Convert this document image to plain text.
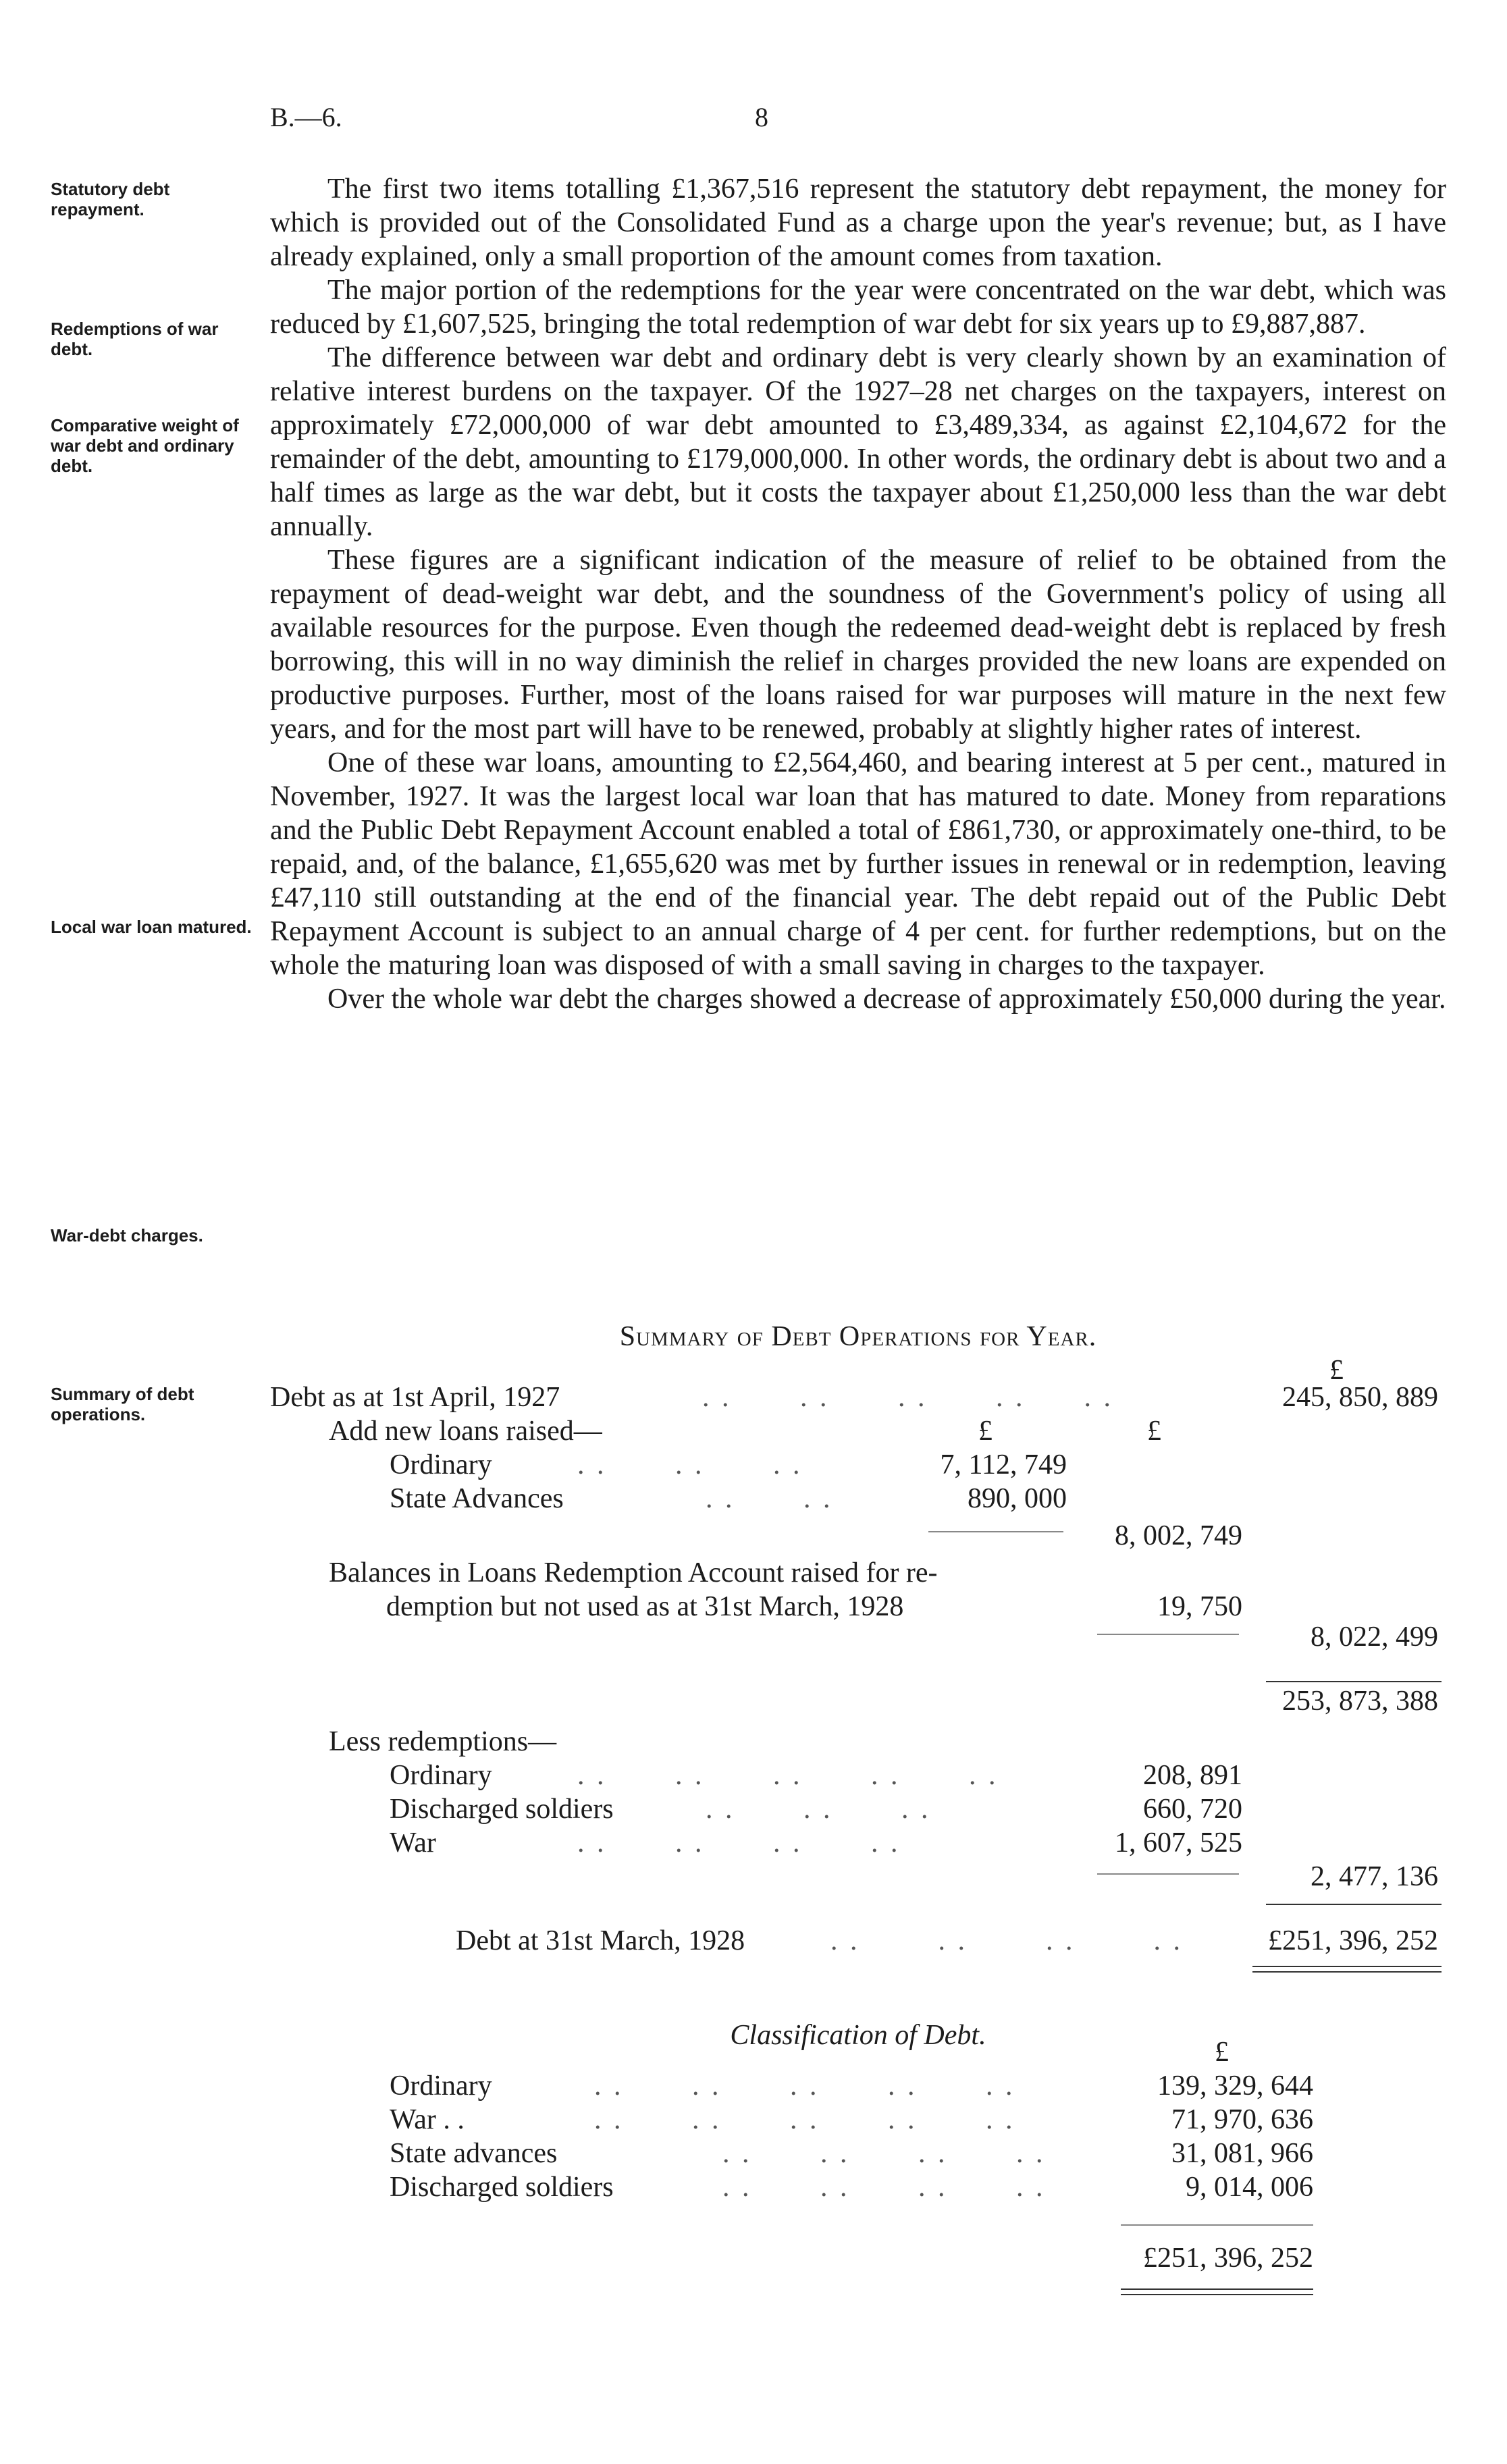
B.—6.	8
Statutory debt repayment.
Redemptions of war debt.
Comparative weight of war debt and ordinary debt.
Local war loan matured.
War-debt charges.
Summary of debt operations.

The first two items totalling £1,367,516 represent the statutory debt repayment, the money for which is provided out of the Consolidated Fund as a charge upon the year's revenue; but, as I have already explained, only a small proportion of the amount comes from taxation.

The major portion of the redemptions for the year were concentrated on the war debt, which was reduced by £1,607,525, bringing the total redemption of war debt for six years up to £9,887,887.

The difference between war debt and ordinary debt is very clearly shown by an examination of relative interest burdens on the taxpayer. Of the 1927–28 net charges on the taxpayers, interest on approximately £72,000,000 of war debt amounted to £3,489,334, as against £2,104,672 for the remainder of the debt, amounting to £179,000,000. In other words, the ordinary debt is about two and a half times as large as the war debt, but it costs the taxpayer about £1,250,000 less than the war debt annually.

These figures are a significant indication of the measure of relief to be obtained from the repayment of dead-weight war debt, and the soundness of the Government's policy of using all available resources for the purpose. Even though the redeemed dead-weight debt is replaced by fresh borrowing, this will in no way diminish the relief in charges provided the new loans are expended on productive purposes. Further, most of the loans raised for war purposes will mature in the next few years, and for the most part will have to be renewed, probably at slightly higher rates of interest.

One of these war loans, amounting to £2,564,460, and bearing interest at 5 per cent., matured in November, 1927. It was the largest local war loan that has matured to date. Money from reparations and the Public Debt Repayment Account enabled a total of £861,730, or approximately one-third, to be repaid, and, of the balance, £1,655,620 was met by further issues in renewal or in redemption, leaving £47,110 still outstanding at the end of the financial year. The debt repaid out of the Public Debt Repayment Account is subject to an annual charge of 4 per cent. for further redemptions, but on the whole the maturing loan was disposed of with a small saving in charges to the taxpayer.

Over the whole war debt the charges showed a decrease of approximately £50,000 during the year.

Summary of Debt Operations for Year.
£
Debt as at 1st April, 1927	. . . . . . . . . .	245, 850, 889
Add new loans raised—	£	£
Ordinary	. . . . . .	7, 112, 749
State Advances	. . . .	890, 000
8, 002, 749
Balances in Loans Redemption Account raised for re-
demption but not used as at 31st March, 1928	19, 750
8, 022, 499
253, 873, 388
Less redemptions—
Ordinary	. . . . . . . . . .	208, 891
Discharged soldiers	. . . . . .	660, 720
War	. . . . . . . .	1, 607, 525
2, 477, 136
Debt at 31st March, 1928	. .	. .	. .	. .	£251, 396, 252
Classification of Debt.
£
Ordinary	. . . . . . . . . .	139, 329, 644
War . .	. . . . . . . . . .	71, 970, 636
State advances	. . . . . . . .	31, 081, 966
Discharged soldiers	. . . . . . . .	9, 014, 006
£251, 396, 252
